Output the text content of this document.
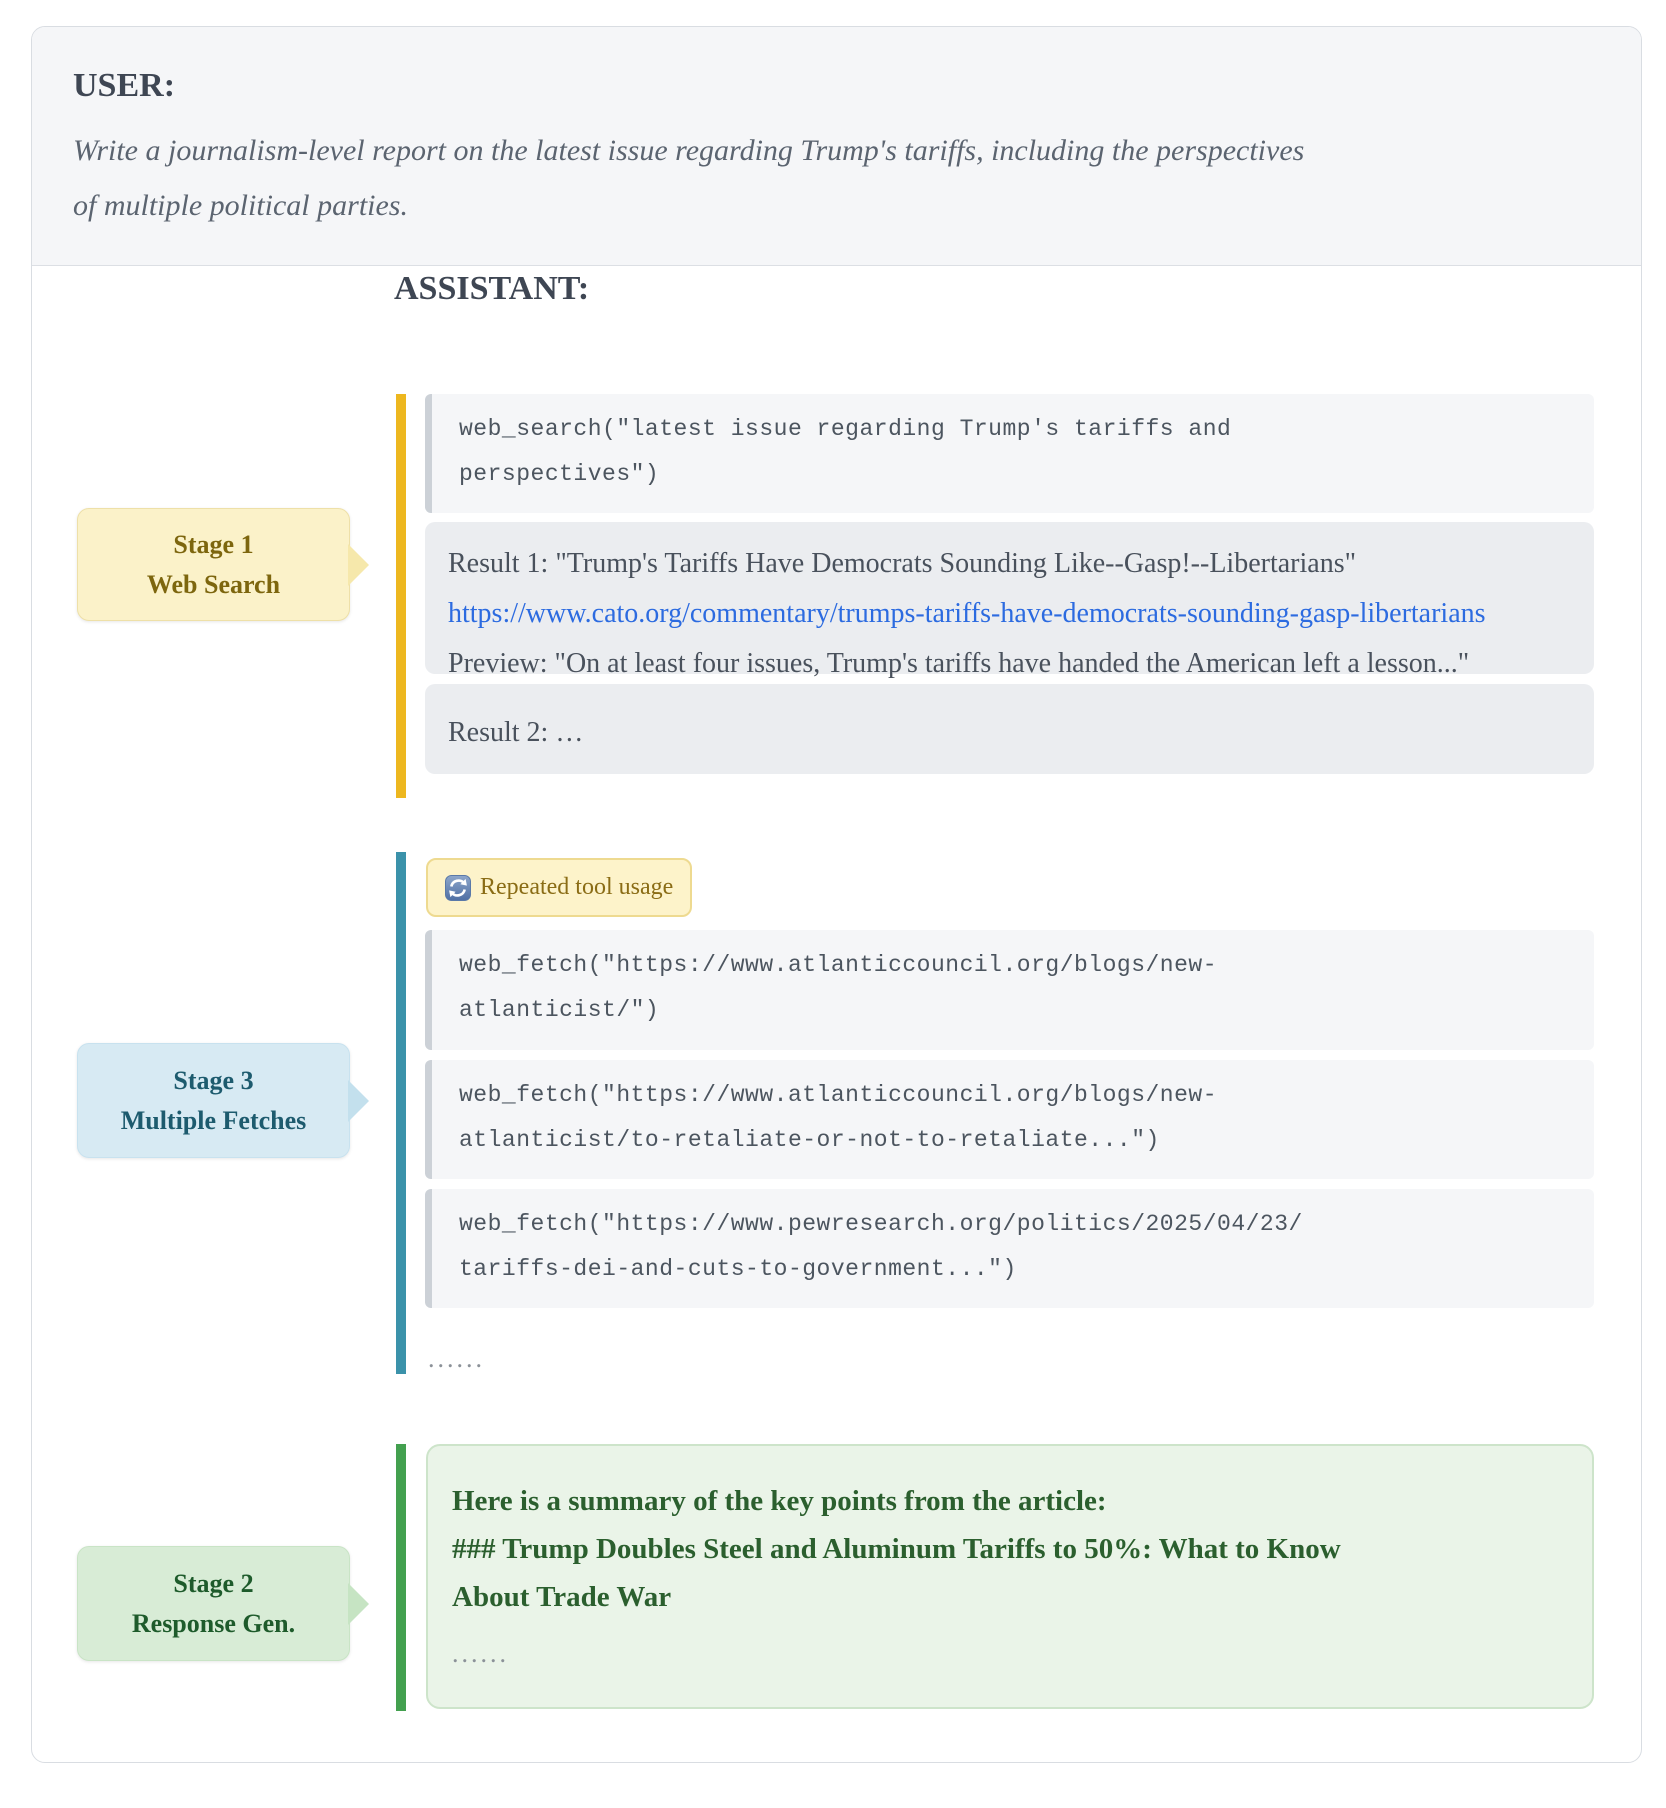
USER:
Write a journalism-level report on the latest issue regarding Trump's tariffs, including the perspectives
of multiple political parties.
ASSISTANT:
web_search("latest issue regarding Trump's tariffs and
perspectives")
Result 1: "Trump's Tariffs Have Democrats Sounding Like--Gasp!--Libertarians"
https://www.cato.org/commentary/trumps-tariffs-have-democrats-sounding-gasp-libertarians
Preview: "On at least four issues, Trump's tariffs have handed the American left a lesson..."
Result 2: …
Stage 1
Web Search
Repeated tool usage
web_fetch("https://www.atlanticcouncil.org/blogs/new-
atlanticist/")
web_fetch("https://www.atlanticcouncil.org/blogs/new-
atlanticist/to-retaliate-or-not-to-retaliate...")
web_fetch("https://www.pewresearch.org/politics/2025/04/23/
tariffs-dei-and-cuts-to-government...")
......
Stage 3
Multiple Fetches
Here is a summary of the key points from the article:
### Trump Doubles Steel and Aluminum Tariffs to 50%: What to Know
About Trade War
......
Stage 2
Response Gen.
